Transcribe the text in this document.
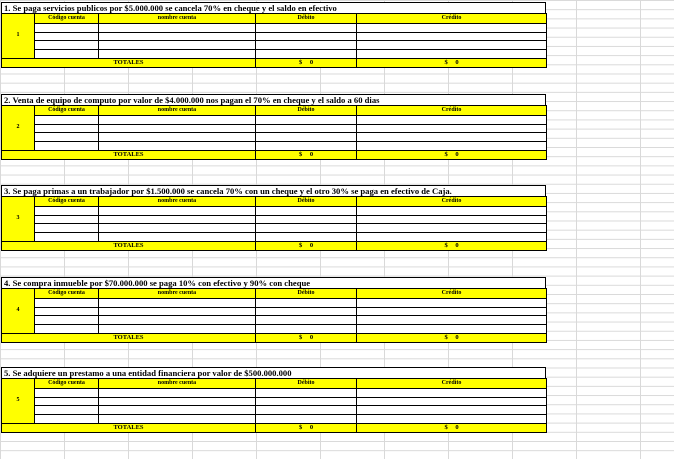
1. Se paga servicios publicos por $5.000.000 se cancela 70% en cheque y el saldo en efectivo
1	Código cuenta	nombre cuenta	Débito	Crédito

TOTALES			$ 0	$ 0
2. Venta de equipo de computo por valor de $4.000.000 nos pagan el 70% en cheque y el saldo a 60 dias
2	Código cuenta	nombre cuenta	Débito	Crédito

TOTALES			$ 0	$ 0
3. Se paga primas a un trabajador por $1.500.000 se cancela 70% con un cheque y el otro 30% se paga en efectivo de Caja.
3	Código cuenta	nombre cuenta	Débito	Crédito

TOTALES			$ 0	$ 0
4. Se compra inmueble por $70.000.000 se paga 10% con efectivo y 90% con cheque
4	Código cuenta	nombre cuenta	Débito	Crédito

TOTALES			$ 0	$ 0
5. Se adquiere un prestamo a una entidad financiera por valor de $500.000.000
5	Código cuenta	nombre cuenta	Débito	Crédito

TOTALES			$ 0	$ 0
